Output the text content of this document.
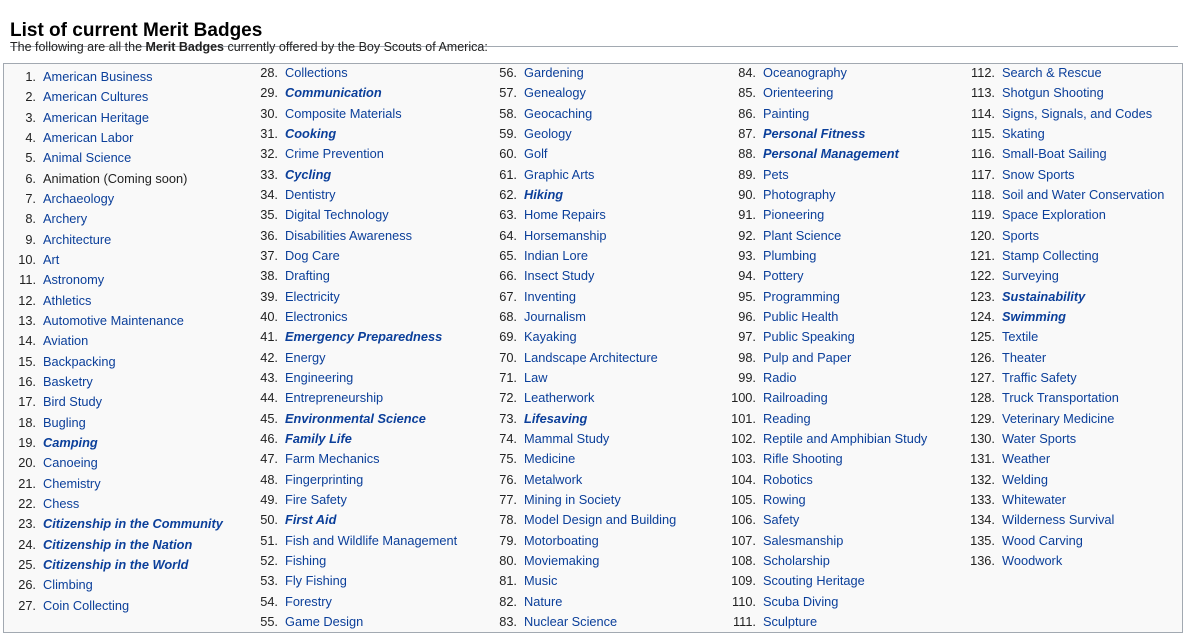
List of current Merit Badges
The following are all the Merit Badges currently offered by the Boy Scouts of America:
1. American Business
2. American Cultures
3. American Heritage
4. American Labor
5. Animal Science
6. Animation (Coming soon)
7. Archaeology
8. Archery
9. Architecture
10. Art
11. Astronomy
12. Athletics
13. Automotive Maintenance
14. Aviation
15. Backpacking
16. Basketry
17. Bird Study
18. Bugling
19. Camping
20. Canoeing
21. Chemistry
22. Chess
23. Citizenship in the Community
24. Citizenship in the Nation
25. Citizenship in the World
26. Climbing
27. Coin Collecting
28. Collections
29. Communication
30. Composite Materials
31. Cooking
32. Crime Prevention
33. Cycling
34. Dentistry
35. Digital Technology
36. Disabilities Awareness
37. Dog Care
38. Drafting
39. Electricity
40. Electronics
41. Emergency Preparedness
42. Energy
43. Engineering
44. Entrepreneurship
45. Environmental Science
46. Family Life
47. Farm Mechanics
48. Fingerprinting
49. Fire Safety
50. First Aid
51. Fish and Wildlife Management
52. Fishing
53. Fly Fishing
54. Forestry
55. Game Design
56. Gardening
57. Genealogy
58. Geocaching
59. Geology
60. Golf
61. Graphic Arts
62. Hiking
63. Home Repairs
64. Horsemanship
65. Indian Lore
66. Insect Study
67. Inventing
68. Journalism
69. Kayaking
70. Landscape Architecture
71. Law
72. Leatherwork
73. Lifesaving
74. Mammal Study
75. Medicine
76. Metalwork
77. Mining in Society
78. Model Design and Building
79. Motorboating
80. Moviemaking
81. Music
82. Nature
83. Nuclear Science
84. Oceanography
85. Orienteering
86. Painting
87. Personal Fitness
88. Personal Management
89. Pets
90. Photography
91. Pioneering
92. Plant Science
93. Plumbing
94. Pottery
95. Programming
96. Public Health
97. Public Speaking
98. Pulp and Paper
99. Radio
100. Railroading
101. Reading
102. Reptile and Amphibian Study
103. Rifle Shooting
104. Robotics
105. Rowing
106. Safety
107. Salesmanship
108. Scholarship
109. Scouting Heritage
110. Scuba Diving
111. Sculpture
112. Search & Rescue
113. Shotgun Shooting
114. Signs, Signals, and Codes
115. Skating
116. Small-Boat Sailing
117. Snow Sports
118. Soil and Water Conservation
119. Space Exploration
120. Sports
121. Stamp Collecting
122. Surveying
123. Sustainability
124. Swimming
125. Textile
126. Theater
127. Traffic Safety
128. Truck Transportation
129. Veterinary Medicine
130. Water Sports
131. Weather
132. Welding
133. Whitewater
134. Wilderness Survival
135. Wood Carving
136. Woodwork
